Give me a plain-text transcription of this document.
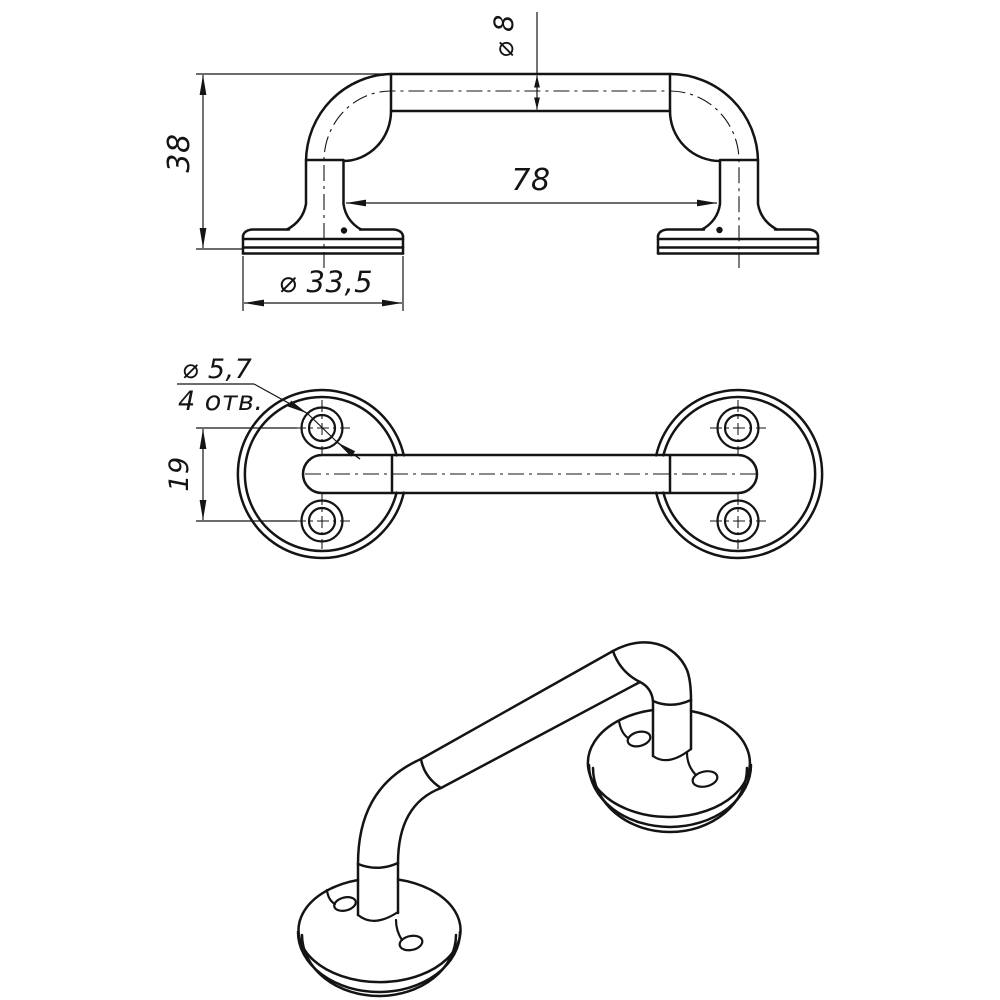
38
⌀ 8
78
⌀ 33,5
19
⌀ 5,7
4 отв.
